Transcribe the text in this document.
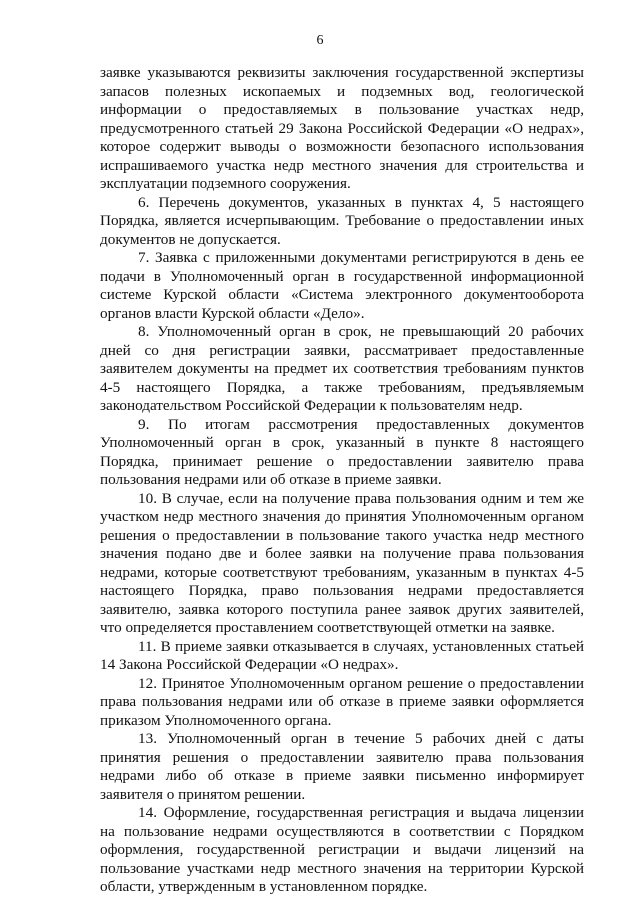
6

заявке указываются реквизиты заключения государственной экспертизы запасов полезных ископаемых и подземных вод, геологической информации о предоставляемых в пользование участках недр, предусмотренного статьей 29 Закона Российской Федерации «О недрах», которое содержит выводы о возможности безопасного использования испрашиваемого участка недр местного значения для строительства и эксплуатации подземного сооружения.

6. Перечень документов, указанных в пунктах 4, 5 настоящего Порядка, является исчерпывающим. Требование о предоставлении иных документов не допускается.

7. Заявка с приложенными документами регистрируются в день ее подачи в Уполномоченный орган в государственной информационной системе Курской области «Система электронного документооборота органов власти Курской области «Дело».

8. Уполномоченный орган в срок, не превышающий 20 рабочих дней со дня регистрации заявки, рассматривает предоставленные заявителем документы на предмет их соответствия требованиям пунктов 4-5 настоящего Порядка, а также требованиям, предъявляемым законодательством Российской Федерации к пользователям недр.

9. По итогам рассмотрения предоставленных документов Уполномоченный орган в срок, указанный в пункте 8 настоящего Порядка, принимает решение о предоставлении заявителю права пользования недрами или об отказе в приеме заявки.

10. В случае, если на получение права пользования одним и тем же участком недр местного значения до принятия Уполномоченным органом решения о предоставлении в пользование такого участка недр местного значения подано две и более заявки на получение права пользования недрами, которые соответствуют требованиям, указанным в пунктах 4-5 настоящего Порядка, право пользования недрами предоставляется заявителю, заявка которого поступила ранее заявок других заявителей, что определяется проставлением соответствующей отметки на заявке.

11. В приеме заявки отказывается в случаях, установленных статьей 14 Закона Российской Федерации «О недрах».

12. Принятое Уполномоченным органом решение о предоставлении права пользования недрами или об отказе в приеме заявки оформляется приказом Уполномоченного органа.

13. Уполномоченный орган в течение 5 рабочих дней с даты принятия решения о предоставлении заявителю права пользования недрами либо об отказе в приеме заявки письменно информирует заявителя о принятом решении.

14. Оформление, государственная регистрация и выдача лицензии на пользование недрами осуществляются в соответствии с Порядком оформления, государственной регистрации и выдачи лицензий на пользование участками недр местного значения на территории Курской области, утвержденным в установленном порядке.
